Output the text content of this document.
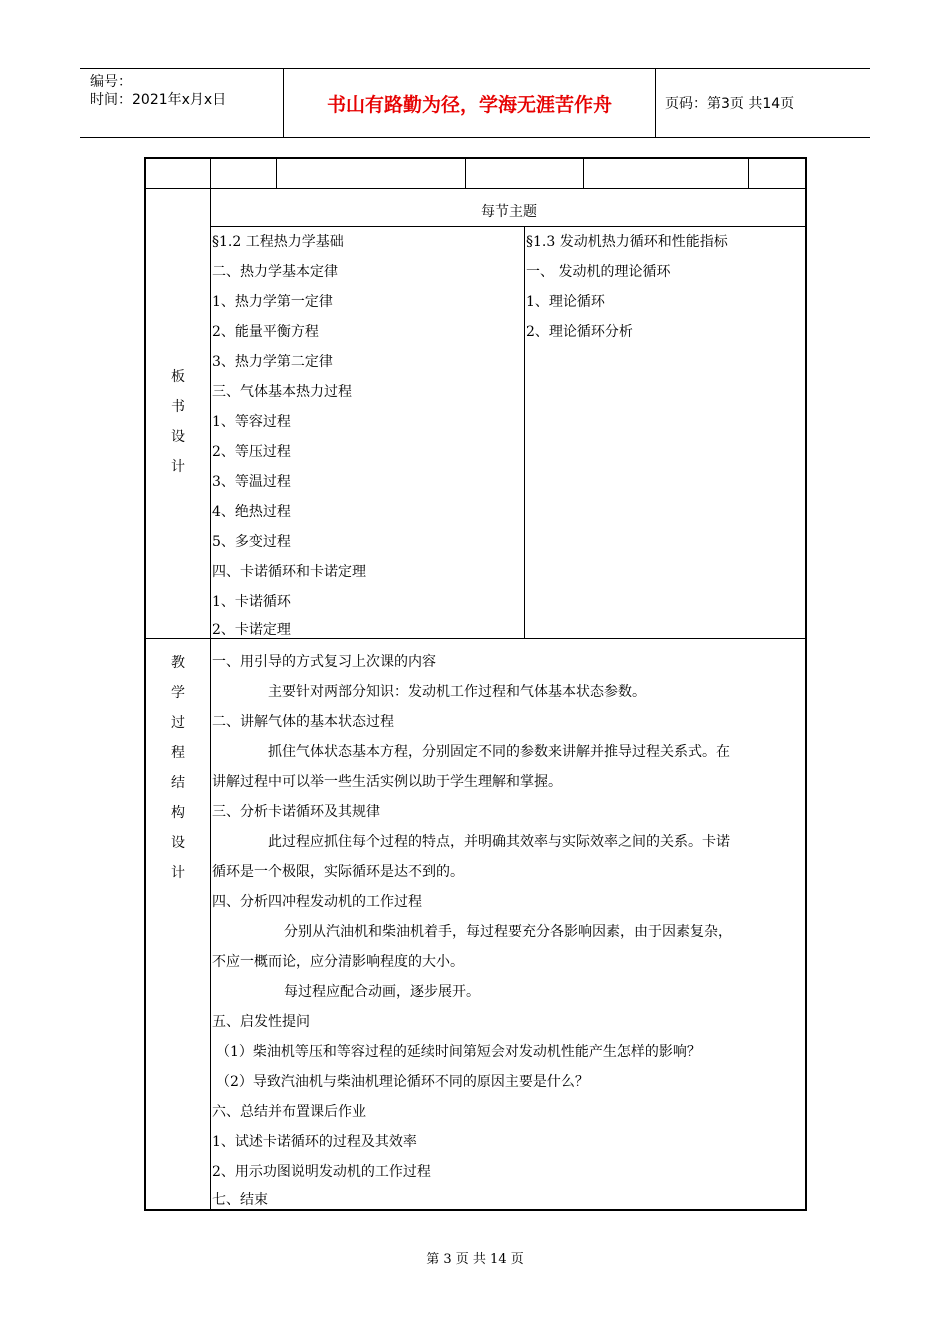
编号：
时间：2021年x月x日	书山有路勤为径，学海无涯苦作舟	页码：第3页 共14页
板
书
设
计
每节主题
§1.2 工程热力学基础
二、热力学基本定律
1、热力学第一定律
2、能量平衡方程
3、热力学第二定律
三、气体基本热力过程
1、等容过程
2、等压过程
3、等温过程
4、绝热过程
5、多变过程
四、卡诺循环和卡诺定理
1、卡诺循环
2、卡诺定理
§1.3 发动机热力循环和性能指标
一、 发动机的理论循环
1、理论循环
2、理论循环分析
教
学
过
程
结
构
设
计
一、用引导的方式复习上次课的内容
主要针对两部分知识：发动机工作过程和气体基本状态参数。
二、讲解气体的基本状态过程
抓住气体状态基本方程，分别固定不同的参数来讲解并推导过程关系式。在
讲解过程中可以举一些生活实例以助于学生理解和掌握。
三、分析卡诺循环及其规律
此过程应抓住每个过程的特点，并明确其效率与实际效率之间的关系。卡诺
循环是一个极限，实际循环是达不到的。
四、分析四冲程发动机的工作过程
分别从汽油机和柴油机着手，每过程要充分各影响因素，由于因素复杂，
不应一概而论，应分清影响程度的大小。
每过程应配合动画，逐步展开。
五、启发性提问
（1）柴油机等压和等容过程的延续时间第短会对发动机性能产生怎样的影响？
（2）导致汽油机与柴油机理论循环不同的原因主要是什么？
六、总结并布置课后作业
1、试述卡诺循环的过程及其效率
2、用示功图说明发动机的工作过程
七、结束
第 3 页 共 14 页
